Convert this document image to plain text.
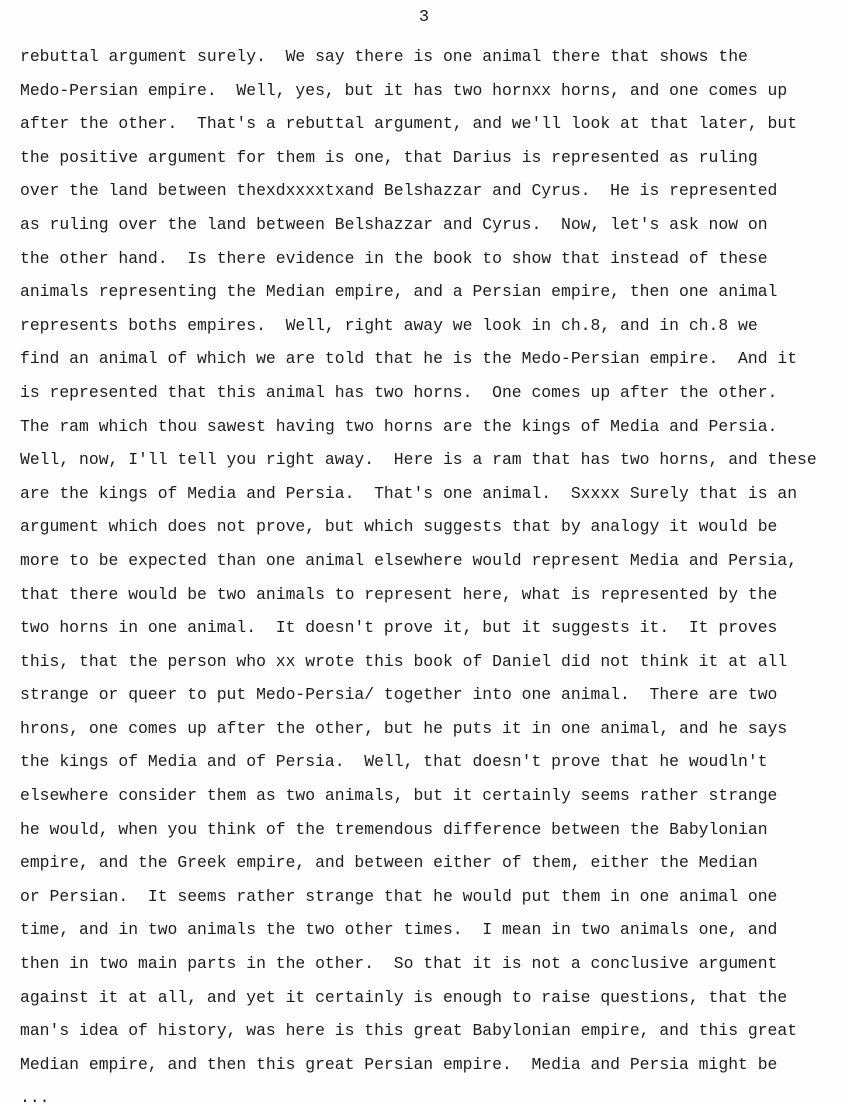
3
rebuttal argument surely.  We say there is one animal there that shows the
Medo-Persian empire.  Well, yes, but it has two hornxx horns, and one comes up
after the other.  That's a rebuttal argument, and we'll look at that later, but
the positive argument for them is one, that Darius is represented as ruling
over the land between thexdxxxxtxand Belshazzar and Cyrus.  He is represented
as ruling over the land between Belshazzar and Cyrus.  Now, let's ask now on
the other hand.  Is there evidence in the book to show that instead of these
animals representing the Median empire, and a Persian empire, then one animal
represents boths empires.  Well, right away we look in ch.8, and in ch.8 we
find an animal of which we are told that he is the Medo-Persian empire.  And it
is represented that this animal has two horns.  One comes up after the other.
The ram which thou sawest having two horns are the kings of Media and Persia.
Well, now, I'll tell you right away.  Here is a ram that has two horns, and these
are the kings of Media and Persia.  That's one animal.  Sxxxx Surely that is an
argument which does not prove, but which suggests that by analogy it would be
more to be expected than one animal elsewhere would represent Media and Persia,
that there would be two animals to represent here, what is represented by the
two horns in one animal.  It doesn't prove it, but it suggests it.  It proves
this, that the person who xx wrote this book of Daniel did not think it at all
strange or queer to put Medo-Persia/ together into one animal.  There are two
hrons, one comes up after the other, but he puts it in one animal, and he says
the kings of Media and of Persia.  Well, that doesn't prove that he woudln't
elsewhere consider them as two animals, but it certainly seems rather strange
he would, when you think of the tremendous difference between the Babylonian
empire, and the Greek empire, and between either of them, either the Median
or Persian.  It seems rather strange that he would put them in one animal one
time, and in two animals the two other times.  I mean in two animals one, and
then in two main parts in the other.  So that it is not a conclusive argument
against it at all, and yet it certainly is enough to raise questions, that the
man's idea of history, was here is this great Babylonian empire, and this great
Median empire, and then this great Persian empire.  Media and Persia might be
...
